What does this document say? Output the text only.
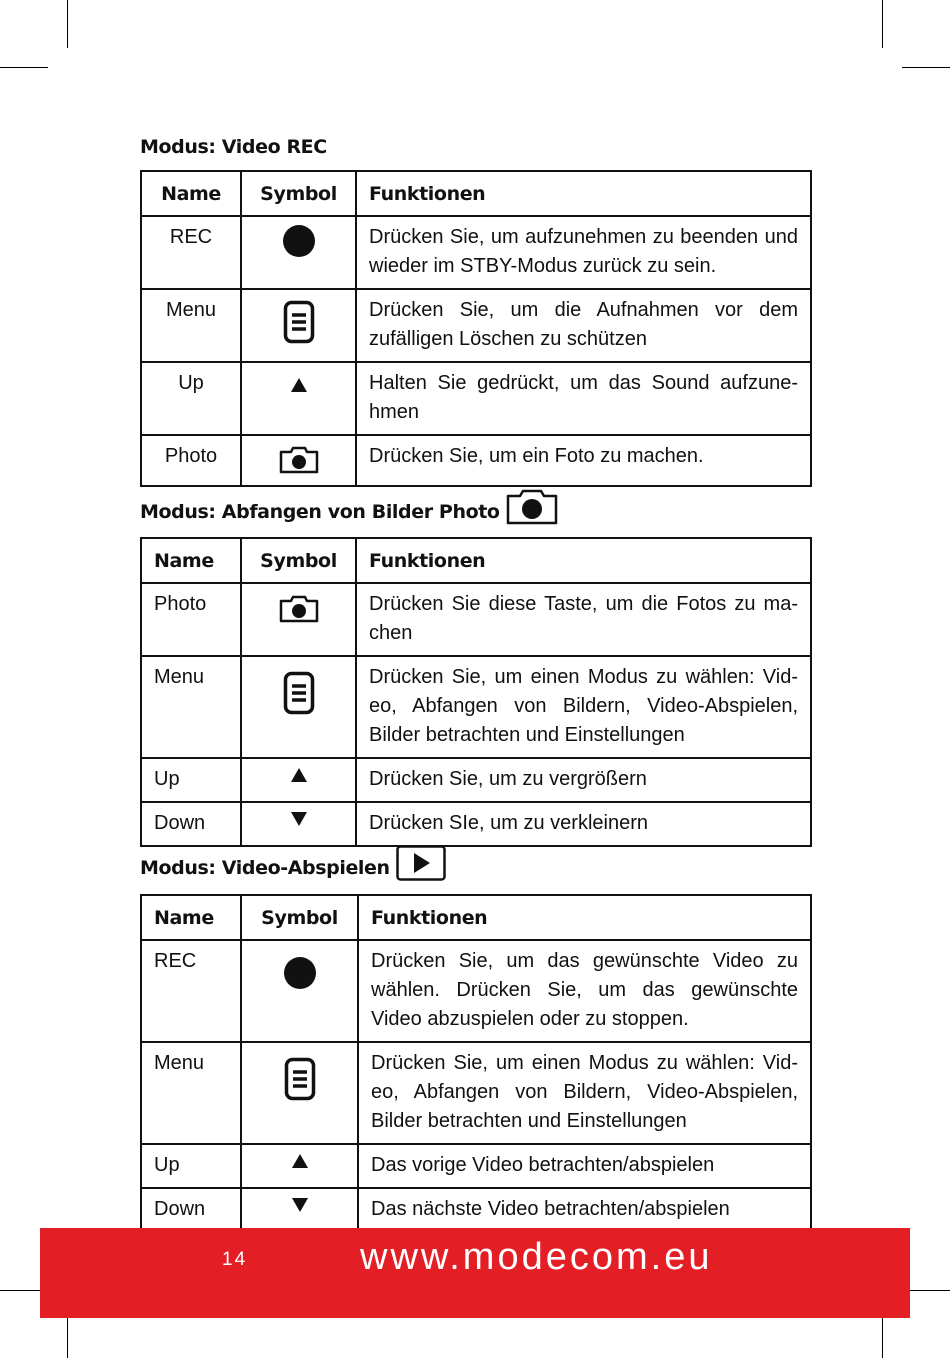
Modus: Video REC
Name	Symbol	Funktionen
REC		Drücken Sie, um aufzunehmen zu beenden und wieder im STBY-Modus zurück zu sein.
Menu		Drücken Sie, um die Aufnahmen vor dem zufälligen Löschen zu schützen
Up		Halten Sie gedrückt, um das Sound aufzune-hmen
Photo		Drücken Sie, um ein Foto zu machen.
Modus: Abfangen von Bilder Photo
Name	Symbol	Funktionen
Photo		Drücken Sie diese Taste, um die Fotos zu ma-chen
Menu		Drücken Sie, um einen Modus zu wählen: Vid-eo, Abfangen von Bildern, Video-Abspielen, Bilder betrachten und Einstellungen
Up		Drücken Sie, um zu vergrößern
Down		Drücken SIe, um zu verkleinern
Modus: Video-Abspielen
Name	Symbol	Funktionen
REC		Drücken Sie, um das gewünschte Video zu wählen. Drücken Sie, um das gewünschte Video abzuspielen oder zu stoppen.
Menu		Drücken Sie, um einen Modus zu wählen: Vid-eo, Abfangen von Bildern, Video-Abspielen, Bilder betrachten und Einstellungen
Up		Das vorige Video betrachten/abspielen
Down		Das nächste Video betrachten/abspielen
14	www.modecom.eu
